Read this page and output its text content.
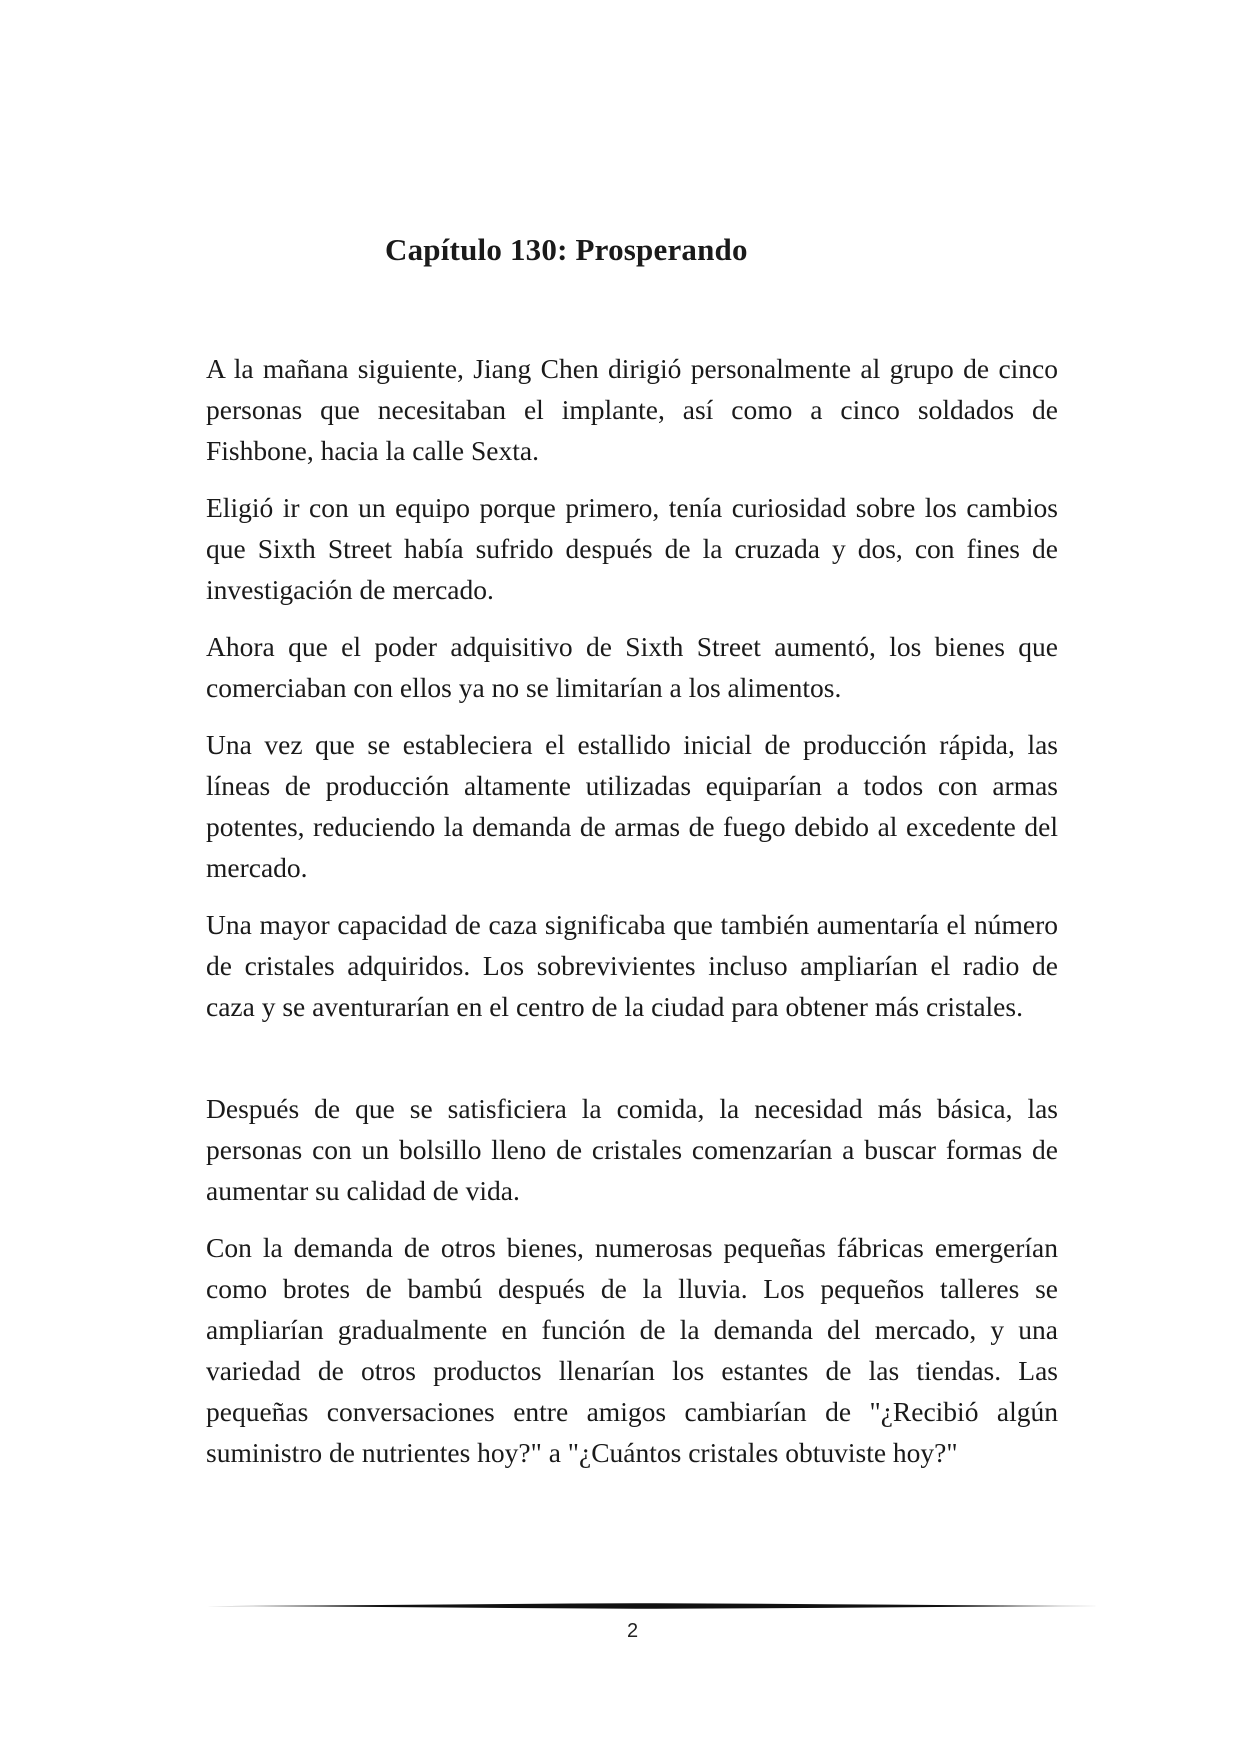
Capítulo 130: Prosperando

A la mañana siguiente, Jiang Chen dirigió personalmente al grupo de cinco personas que necesitaban el implante, así como a cinco soldados de Fishbone, hacia la calle Sexta.

Eligió ir con un equipo porque primero, tenía curiosidad sobre los cambios que Sixth Street había sufrido después de la cruzada y dos, con fines de investigación de mercado.

Ahora que el poder adquisitivo de Sixth Street aumentó, los bienes que comerciaban con ellos ya no se limitarían a los alimentos.

Una vez que se estableciera el estallido inicial de producción rápida, las líneas de producción altamente utilizadas equiparían a todos con armas potentes, reduciendo la demanda de armas de fuego debido al excedente del mercado.

Una mayor capacidad de caza significaba que también aumentaría el número de cristales adquiridos. Los sobrevivientes incluso ampliarían el radio de caza y se aventurarían en el centro de la ciudad para obtener más cristales.

Después de que se satisficiera la comida, la necesidad más básica, las personas con un bolsillo lleno de cristales comenzarían a buscar formas de aumentar su calidad de vida.

Con la demanda de otros bienes, numerosas pequeñas fábricas emergerían como brotes de bambú después de la lluvia. Los pequeños talleres se ampliarían gradualmente en función de la demanda del mercado, y una variedad de otros productos llenarían los estantes de las tiendas. Las pequeñas conversaciones entre amigos cambiarían de "¿Recibió algún suministro de nutrientes hoy?" a "¿Cuántos cristales obtuviste hoy?"

2
